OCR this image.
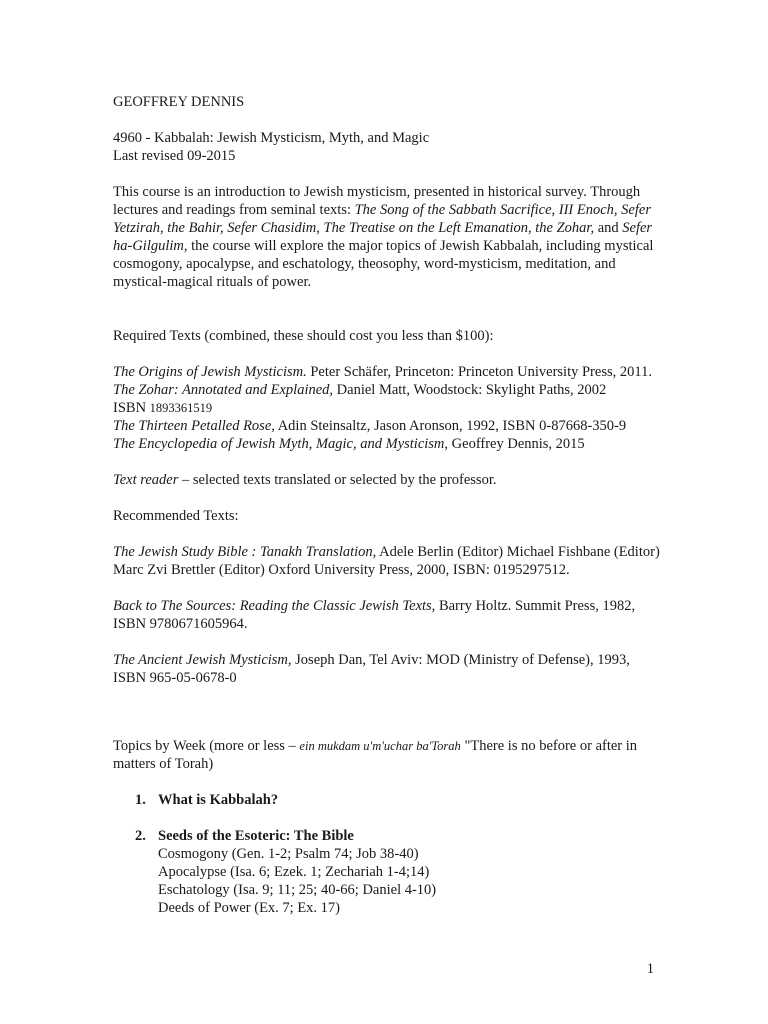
GEOFFREY DENNIS

4960 - Kabbalah: Jewish Mysticism, Myth, and Magic

Last revised 09-2015

This course is an introduction to Jewish mysticism, presented in historical survey. Through lectures and readings from seminal texts: The Song of the Sabbath Sacrifice, III Enoch, Sefer Yetzirah, the Bahir, Sefer Chasidim, The Treatise on the Left Emanation, the Zohar, and Sefer ha-Gilgulim, the course will explore the major topics of Jewish Kabbalah, including mystical cosmogony, apocalypse, and eschatology, theosophy, word-mysticism, meditation, and mystical-magical rituals of power.

Required Texts (combined, these should cost you less than $100):

The Origins of Jewish Mysticism. Peter Schäfer, Princeton: Princeton University Press, 2011.

The Zohar: Annotated and Explained, Daniel Matt, Woodstock: Skylight Paths, 2002

ISBN 1893361519

The Thirteen Petalled Rose, Adin Steinsaltz, Jason Aronson, 1992, ISBN 0-87668-350-9

The Encyclopedia of Jewish Myth, Magic, and Mysticism, Geoffrey Dennis, 2015

Text reader – selected texts translated or selected by the professor.

Recommended Texts:

The Jewish Study Bible : Tanakh Translation, Adele Berlin (Editor) Michael Fishbane (Editor) Marc Zvi Brettler (Editor) Oxford University Press, 2000, ISBN: 0195297512.

Back to The Sources: Reading the Classic Jewish Texts, Barry Holtz. Summit Press, 1982, ISBN 9780671605964.

The Ancient Jewish Mysticism, Joseph Dan, Tel Aviv: MOD (Ministry of Defense), 1993, ISBN 965-05-0678-0

Topics by Week (more or less – ein mukdam u'm'uchar ba'Torah "There is no before or after in matters of Torah)

1. What is Kabbalah?
2. Seeds of the Esoteric: The Bible
Cosmogony (Gen. 1-2; Psalm 74; Job 38-40)
Apocalypse (Isa. 6; Ezek. 1; Zechariah 1-4;14)
Eschatology (Isa. 9; 11; 25; 40-66; Daniel 4-10)
Deeds of Power (Ex. 7; Ex. 17)
1
